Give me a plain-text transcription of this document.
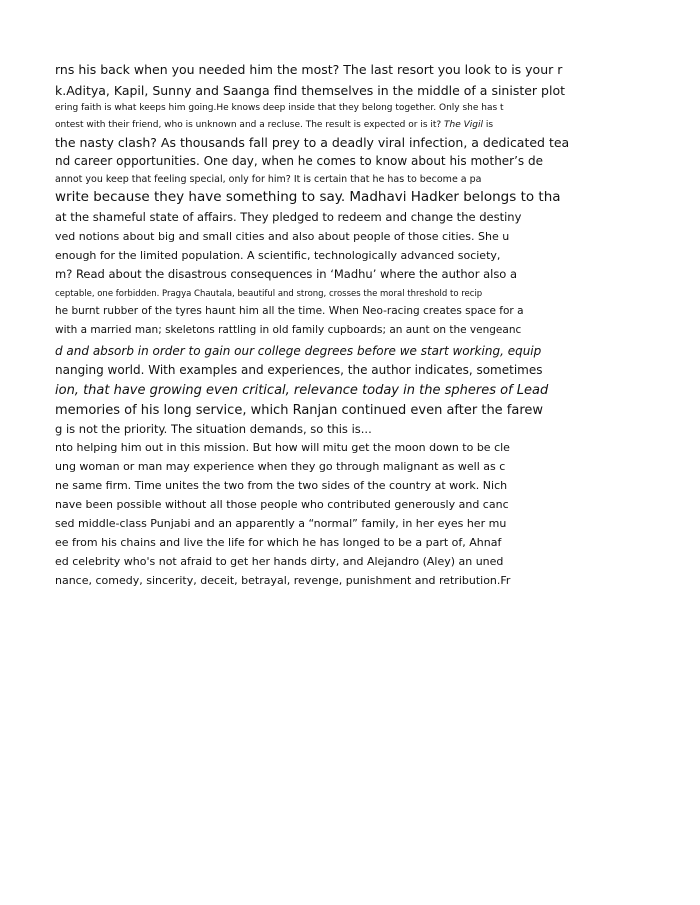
rns his back when you needed him the most? The last resort you look to is your r
k.Aditya, Kapil, Sunny and Saanga find themselves in the middle of a sinister plot
ering faith is what keeps him going.He knows deep inside that they belong together. Only she has t
ontest with their friend, who is unknown and a recluse. The result is expected or is it? The Vigil is
the nasty clash? As thousands fall prey to a deadly viral infection, a dedicated tea
nd career opportunities. One day, when he comes to know about his mother’s de
annot you keep that feeling special, only for him? It is certain that he has to become a pa
write because they have something to say. Madhavi Hadker belongs to tha
at the shameful state of affairs. They pledged to redeem and change the destiny
ved notions about big and small cities and also about people of those cities. She u
enough for the limited population. A scientific, technologically advanced society,
m? Read about the disastrous consequences in ‘Madhu’ where the author also a
ceptable, one forbidden. Pragya Chautala, beautiful and strong, crosses the moral threshold to recip
he burnt rubber of the tyres haunt him all the time. When Neo-racing creates space for a
with a married man; skeletons rattling in old family cupboards; an aunt on the vengeanc
d and absorb in order to gain our college degrees before we start working, equip
nanging world. With examples and experiences, the author indicates, sometimes
ion, that have growing even critical, relevance today in the spheres of Lead
memories of his long service, which Ranjan continued even after the farew
g is not the priority. The situation demands, so this is...
nto helping him out in this mission. But how will mitu get the moon down to be cle
ung woman or man may experience when they go through malignant as well as c
ne same firm. Time unites the two from the two sides of the country at work. Nich
nave been possible without all those people who contributed generously and canc
sed middle-class Punjabi and an apparently a “normal” family, in her eyes her mu
ee from his chains and live the life for which he has longed to be a part of, Ahnaf
ed celebrity who's not afraid to get her hands dirty, and Alejandro (Aley) an uned
nance, comedy, sincerity, deceit, betrayal, revenge, punishment and retribution.Fr
